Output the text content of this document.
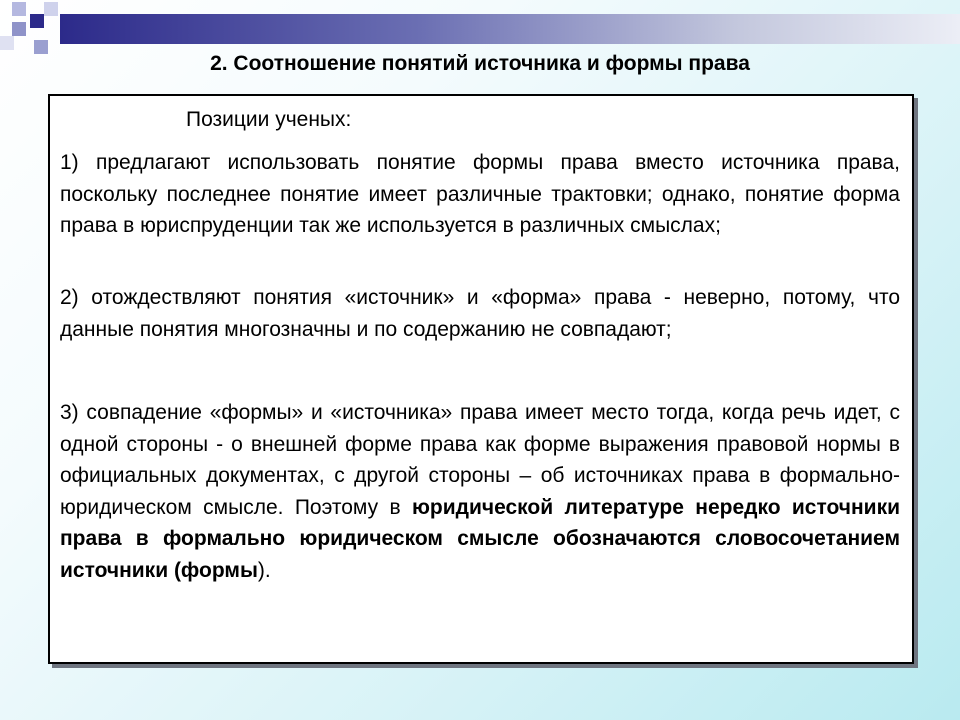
2. Соотношение понятий источника и формы права
Позиции ученых:
1) предлагают использовать понятие формы права вместо источника права, поскольку последнее понятие имеет различные трактовки; однако, понятие форма права в юриспруденции так же используется в различных смыслах;
2) отождествляют понятия «источник» и «форма» права - неверно, потому, что данные понятия многозначны и по содержанию не совпадают;
3) совпадение «формы» и «источника» права имеет место тогда, когда речь идет, с одной стороны - о внешней форме права как форме выражения правовой нормы в официальных документах, с другой стороны – об источниках права в формально-юридическом смысле. Поэтому в юридической литературе нередко источники права в формально юридическом смысле обозначаются словосочетанием источники (формы).
